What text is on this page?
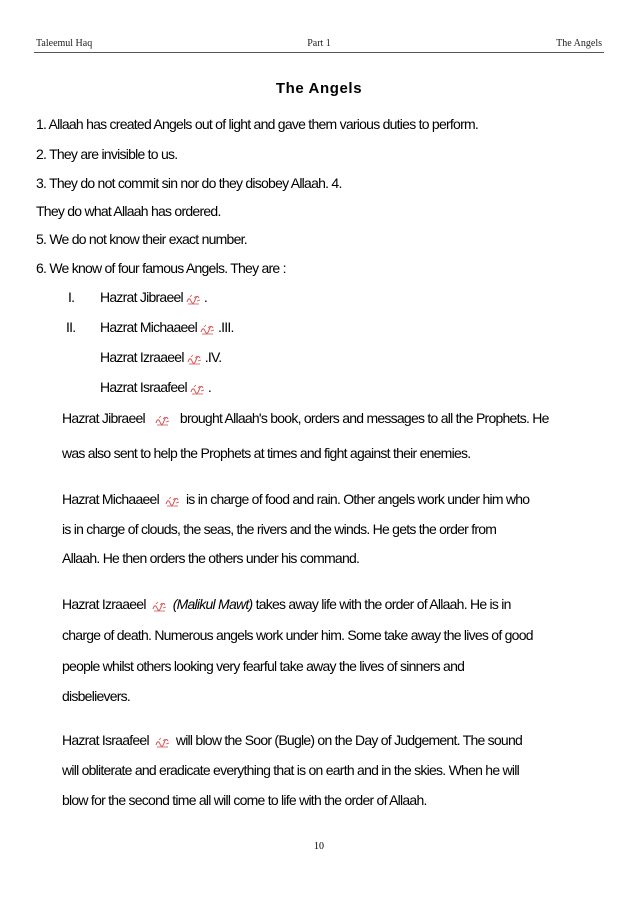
Taleemul Haq	Part 1	The Angels
The Angels
1. Allaah has created Angels out of light and gave them various duties to perform.
2. They are invisible to us.
3. They do not commit sin nor do they disobey Allaah. 4.
They do what Allaah has ordered.
5. We do not know their exact number.
6. We know of four famous Angels. They are :
I. Hazrat Jibraeel .
II. Hazrat Michaaeel .III.
Hazrat Izraaeel .IV.
Hazrat Israafeel .
Hazrat Jibraeel	brought Allaah's book, orders and messages to all the Prophets. He
was also sent to help the Prophets at times and fight against their enemies.
Hazrat Michaaeel is in charge of food and rain. Other angels work under him who
is in charge of clouds, the seas, the rivers and the winds. He gets the order from
Allaah. He then orders the others under his command.
Hazrat Izraaeel (Malikul Mawt) takes away life with the order of Allaah. He is in
charge of death. Numerous angels work under him. Some take away the lives of good
people whilst others looking very fearful take away the lives of sinners and
disbelievers.
Hazrat Israafeel will blow the Soor (Bugle) on the Day of Judgement. The sound
will obliterate and eradicate everything that is on earth and in the skies. When he will
blow for the second time all will come to life with the order of Allaah.
10
